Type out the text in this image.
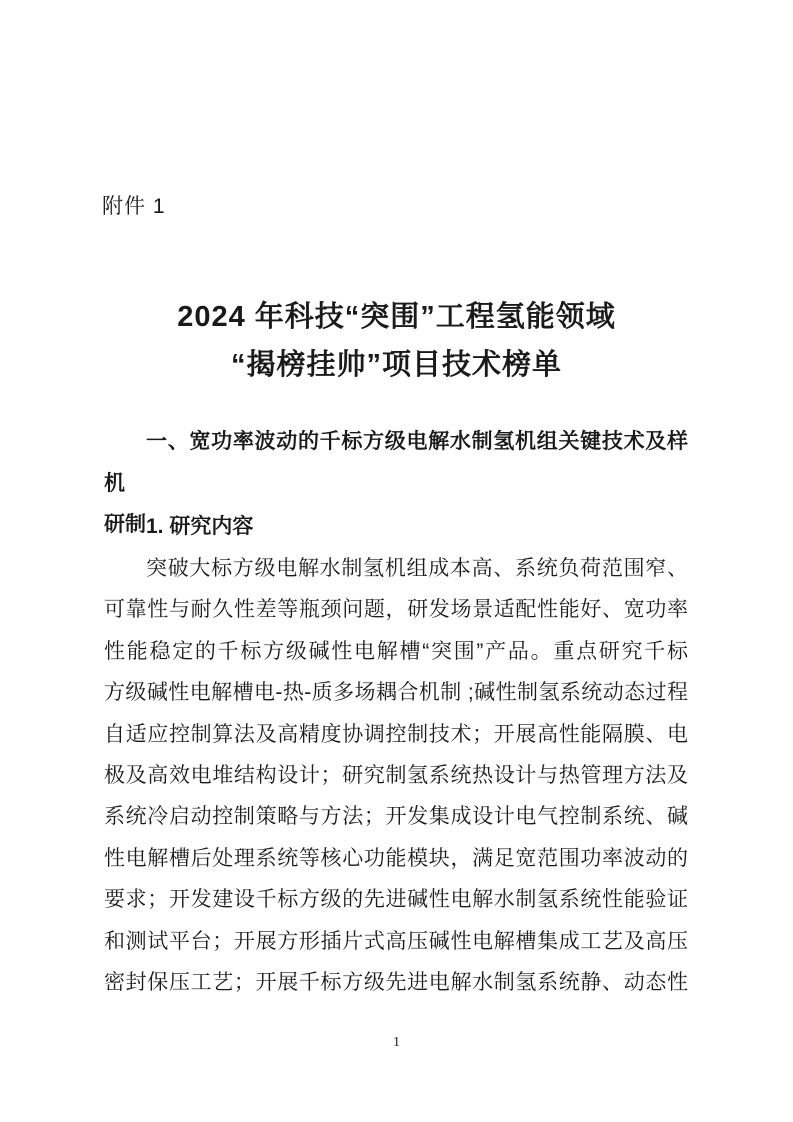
附件 1
2024 年科技“突围”工程氢能领域
“揭榜挂帅”项目技术榜单
一、宽功率波动的千标方级电解水制氢机组关键技术及样机
研制 1. 研究内容
突破大标方级电解水制氢机组成本高、系统负荷范围窄、
可靠性与耐久性差等瓶颈问题，研发场景适配性能好、宽功率
性能稳定的千标方级碱性电解槽“突围”产品。重点研究千标
方级碱性电解槽电-热-质多场耦合机制 ;碱性制氢系统动态过程
自适应控制算法及高精度协调控制技术；开展高性能隔膜、电
极及高效电堆结构设计；研究制氢系统热设计与热管理方法及
系统冷启动控制策略与方法；开发集成设计电气控制系统、碱
性电解槽后处理系统等核心功能模块，满足宽范围功率波动的
要求；开发建设千标方级的先进碱性电解水制氢系统性能验证
和测试平台；开展方形插片式高压碱性电解槽集成工艺及高压
密封保压工艺；开展千标方级先进电解水制氢系统静、动态性
1
